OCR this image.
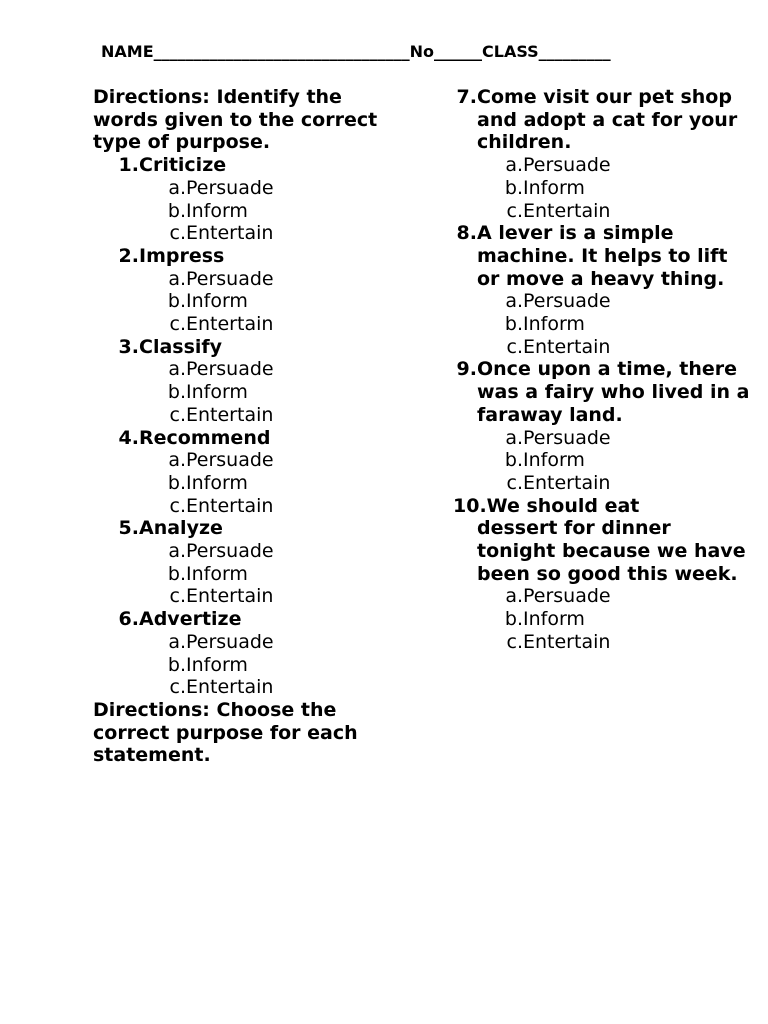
NAME________________________________No______CLASS_________
Directions: Identify the words given to the correct type of purpose.
1. Criticize
a. Persuade
b. Inform
c. Entertain
2. Impress
a. Persuade
b. Inform
c. Entertain
3. Classify
a. Persuade
b. Inform
c. Entertain
4. Recommend
a. Persuade
b. Inform
c. Entertain
5. Analyze
a. Persuade
b. Inform
c. Entertain
6. Advertize
a. Persuade
b. Inform
c. Entertain
Directions: Choose the correct purpose for each statement.
7. Come visit our pet shop and adopt a cat for your children.
a. Persuade
b. Inform
c. Entertain
8. A lever is a simple machine. It helps to lift or move a heavy thing.
a. Persuade
b. Inform
c. Entertain
9. Once upon a time, there was a fairy who lived in a faraway land.
a. Persuade
b. Inform
c. Entertain
10.We should eat
dessert for dinner tonight because we have been so good this week.
a. Persuade
b. Inform
c. Entertain
